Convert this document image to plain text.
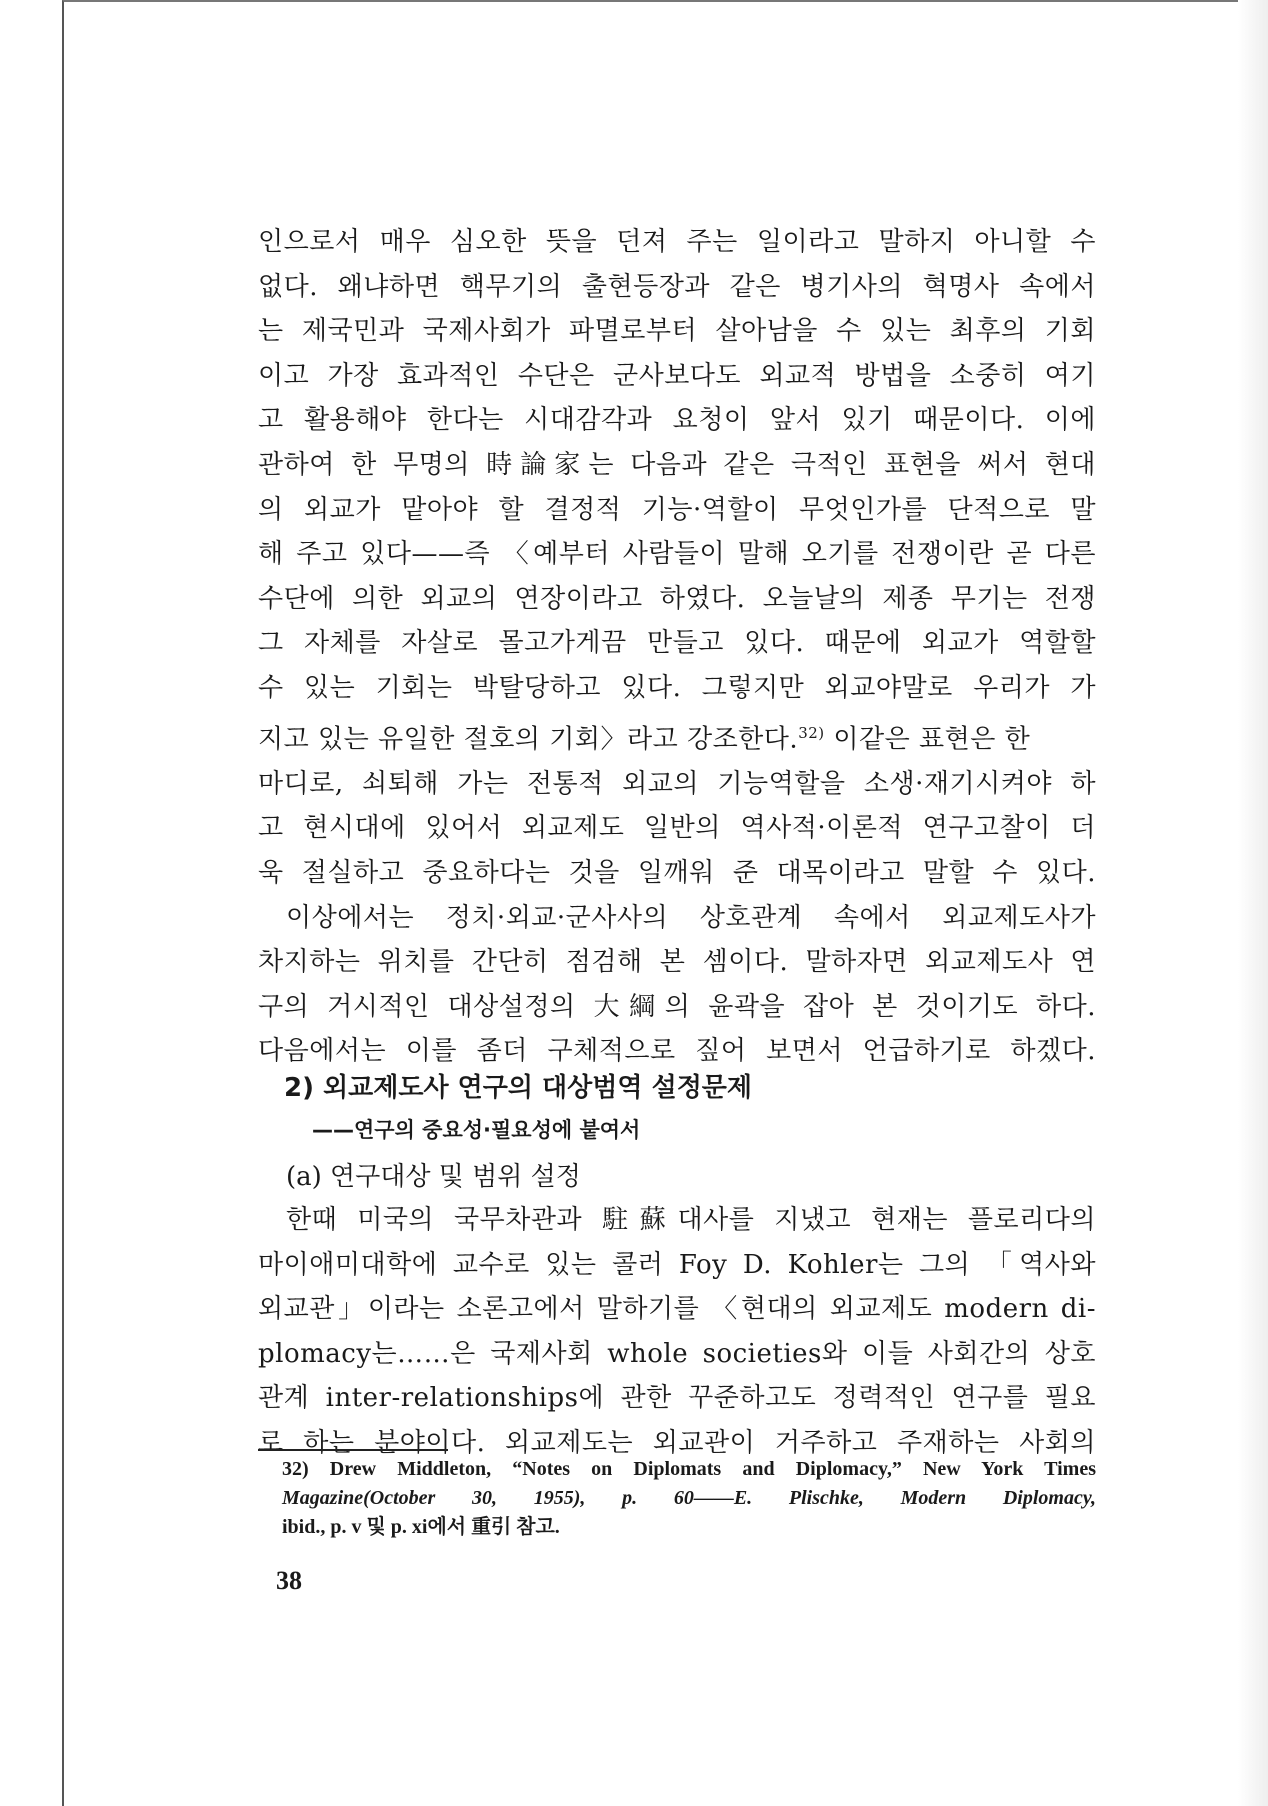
인으로서 매우 심오한 뜻을 던져 주는 일이라고 말하지 아니할 수
없다. 왜냐하면 핵무기의 출현등장과 같은 병기사의 혁명사 속에서
는 제국민과 국제사회가 파멸로부터 살아남을 수 있는 최후의 기회
이고 가장 효과적인 수단은 군사보다도 외교적 방법을 소중히 여기
고 활용해야 한다는 시대감각과 요청이 앞서 있기 때문이다. 이에
관하여 한 무명의 時論家는 다음과 같은 극적인 표현을 써서 현대
의 외교가 맡아야 할 결정적 기능·역할이 무엇인가를 단적으로 말
해 주고 있다——즉 〈예부터 사람들이 말해 오기를 전쟁이란 곧 다른
수단에 의한 외교의 연장이라고 하였다. 오늘날의 제종 무기는 전쟁
그 자체를 자살로 몰고가게끔 만들고 있다. 때문에 외교가 역할할
수 있는 기회는 박탈당하고 있다. 그렇지만 외교야말로 우리가 가
지고 있는 유일한 절호의 기회〉라고 강조한다.$^{32)}$ 이같은 표현은 한
마디로, 쇠퇴해 가는 전통적 외교의 기능역할을 소생·재기시켜야 하
고 현시대에 있어서 외교제도 일반의 역사적·이론적 연구고찰이 더
욱 절실하고 중요하다는 것을 일깨워 준 대목이라고 말할 수 있다.
이상에서는 정치·외교·군사사의 상호관계 속에서 외교제도사가
차지하는 위치를 간단히 점검해 본 셈이다. 말하자면 외교제도사 연
구의 거시적인 대상설정의 大綱의 윤곽을 잡아 본 것이기도 하다.
다음에서는 이를 좀더 구체적으로 짚어 보면서 언급하기로 하겠다.
2) 외교제도사 연구의 대상범역 설정문제
——연구의 중요성·필요성에 붙여서
(a) 연구대상 및 범위 설정
한때 미국의 국무차관과 駐蘇대사를 지냈고 현재는 플로리다의
마이애미대학에 교수로 있는 콜러 Foy D. Kohler는 그의 「역사와
외교관」이라는 소론고에서 말하기를 〈현대의 외교제도 modern di-
plomacy는……은 국제사회 whole societies와 이들 사회간의 상호
관계 inter-relationships에 관한 꾸준하고도 정력적인 연구를 필요
로 하는 분야이다. 외교제도는 외교관이 거주하고 주재하는 사회의
32) Drew Middleton, “Notes on Diplomats and Diplomacy,” New York Times
Magazine(October 30, 1955), p. 60——E. Plischke, Modern Diplomacy,
ibid., p. v 및 p. xi에서 重引 참고.
38
